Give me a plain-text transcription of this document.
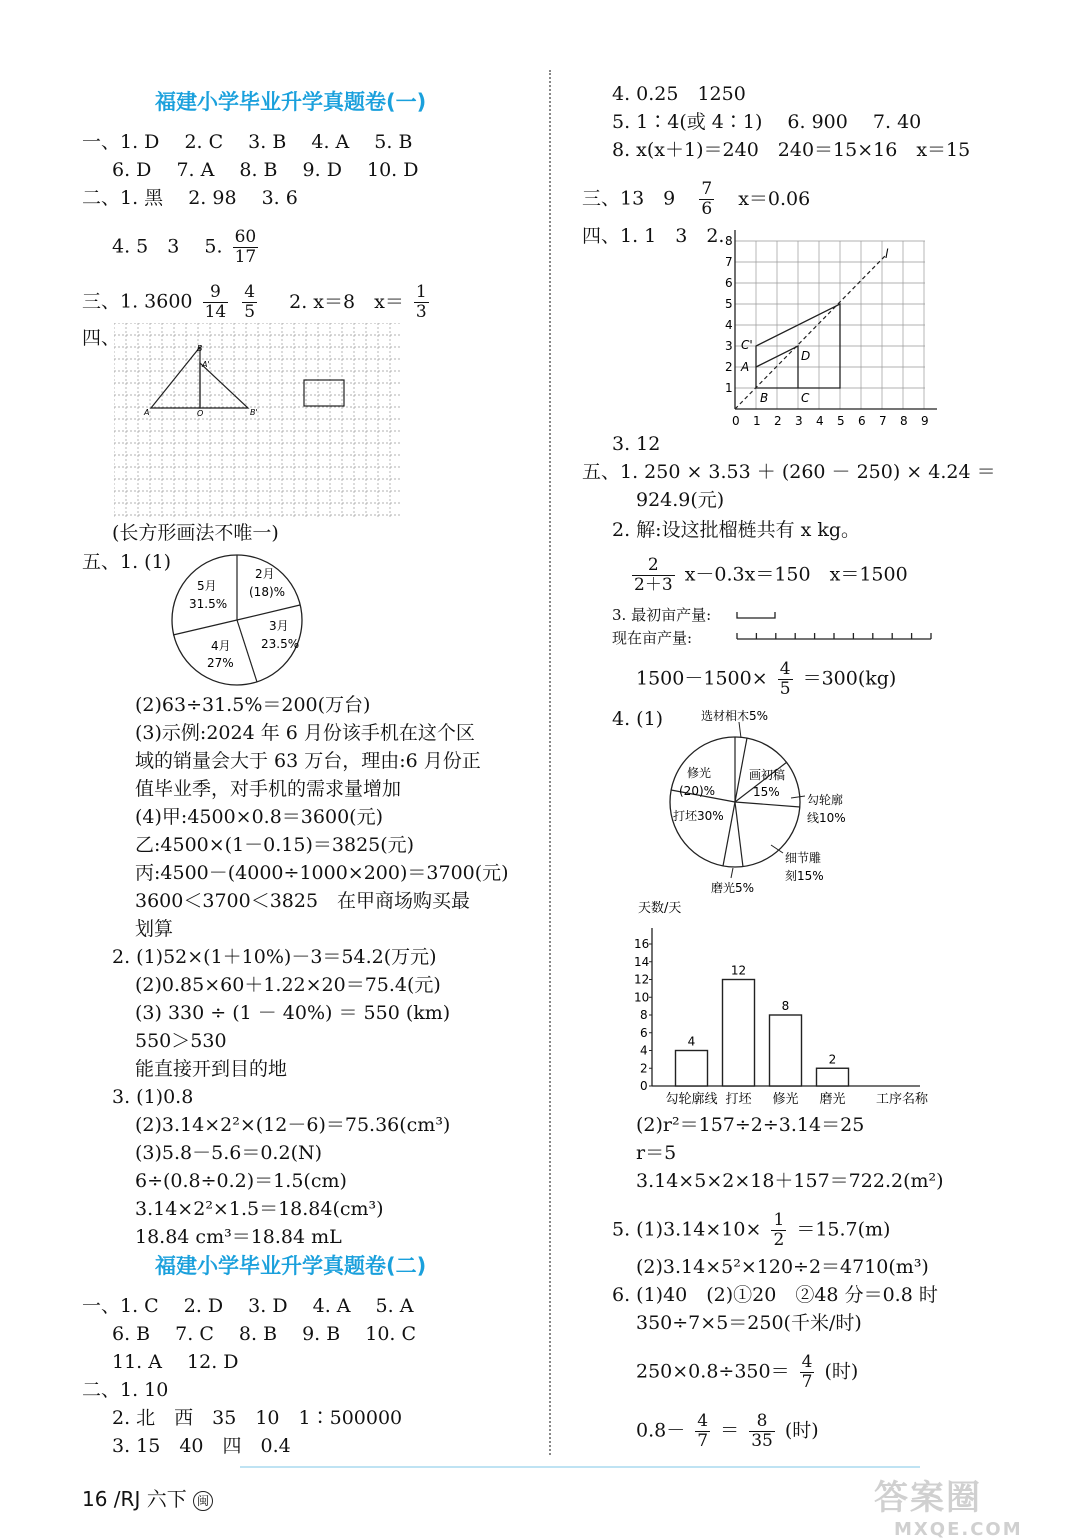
福建小学毕业升学真题卷(一)
一、1. D　 2. C　 3. B　 4. A　 5. B
6. D　 7. A　 8. B　 9. D　 10. D
二、1. 黑　 2. 98　 3. 6
4. 5　3　 5. $\frac{60}{17}$
三、1. $3600 \frac{9}{14}$
$\frac{4}{5} 2$. x＝8　$x= \frac{1}{3}$
四、
A
B
A'
O	B'
(长方形画法不唯一)
五、1. (1)
5月
31.5%
2月
(18)%
3月
23.5%
4月
27%
(2)63÷31.5%＝200(万台)
(3)示例:2024 年 6 月份该手机在这个区
域的销量会大于 63 万台，理由:6 月份正
值毕业季，对手机的需求量增加
(4)甲:4500×0.8＝3600(元)
乙:4500×(1－0.15)＝3825(元)
丙:4500－(4000÷1000×200)＝3700(元)
3600＜3700＜3825　在甲商场购买最
划算
2. (1)52×(1＋10%)－3＝54.2(万元)
(2)0.85×60＋1.22×20＝75.4(元)
(3) 330 ÷ (1 － 40%) ＝ 550 (km)
550＞530
能直接开到目的地
3. (1)0.8
(2)3.14×2²×(12－6)＝75.36(cm³)
(3)5.8－5.6＝0.2(N)
6÷(0.8÷0.2)＝1.5(cm)
3.14×2²×1.5＝18.84(cm³)
18.84 cm³＝18.84 mL
福建小学毕业升学真题卷(二)
一、1. C　 2. D　 3. D　 4. A　 5. A
6. B　 7. C　 8. B　 9. B　 10. C
11. A　 12. D
二、1. 10
2. 北　西　35　10　1∶500000
3. 15　40　四　0.4
4. 0.25　1250
5. 1∶4(或 4∶1)　 6. 900　 7. 40
8. x(x＋1)＝240　240＝15×16　x＝15
三、13　$9 \frac{7}{6} x=0.06$
四、1. 1　3　2.
0 1 2 3 4 5 6 7 8 9
1
2
3
4
5
6
7
8
l
C'
A
D
B	C
3. 12
五、1. 250 × 3.53 ＋ (260 － 250) × 4.24 ＝
924.9(元)
2. 解:设这批榴梿共有 x kg。
$\frac{2}{2+3} x-0.3x=150$　x＝1500
3. 最初亩产量:
现在亩产量:
$1500-1500\times \frac{4}{5} =300(kg)$
4. (1)	选材相木5%
修光
(20)%
画初稿
15%
勾轮廓
线10%
打坯30%
细节雕
刻15%
磨光5%
天数/天
0
2
4
6
8
10
12
14
16
4
勾轮廓线
12
打坯
8
修光
2
磨光 工序名称
(2)r²＝157÷2÷3.14＝25
r＝5
3.14×5×2×18＋157＝722.2(m²)
5. $(1)3.14\times 10\times \frac{1}{2} =15.7(m)$
(2)3.14×5²×120÷2＝4710(m³)
6. (1)40　(2)①20　②48 分＝0.8 时
350÷7×5＝250(千米/时)
$250\times 0.8\div 350= \frac{4}{7}$ (时)
$0.8- \frac{4}{7} = \frac{8}{35}$ (时)
16 /RJ 六下 闽	答案圈
MXQE.COM
